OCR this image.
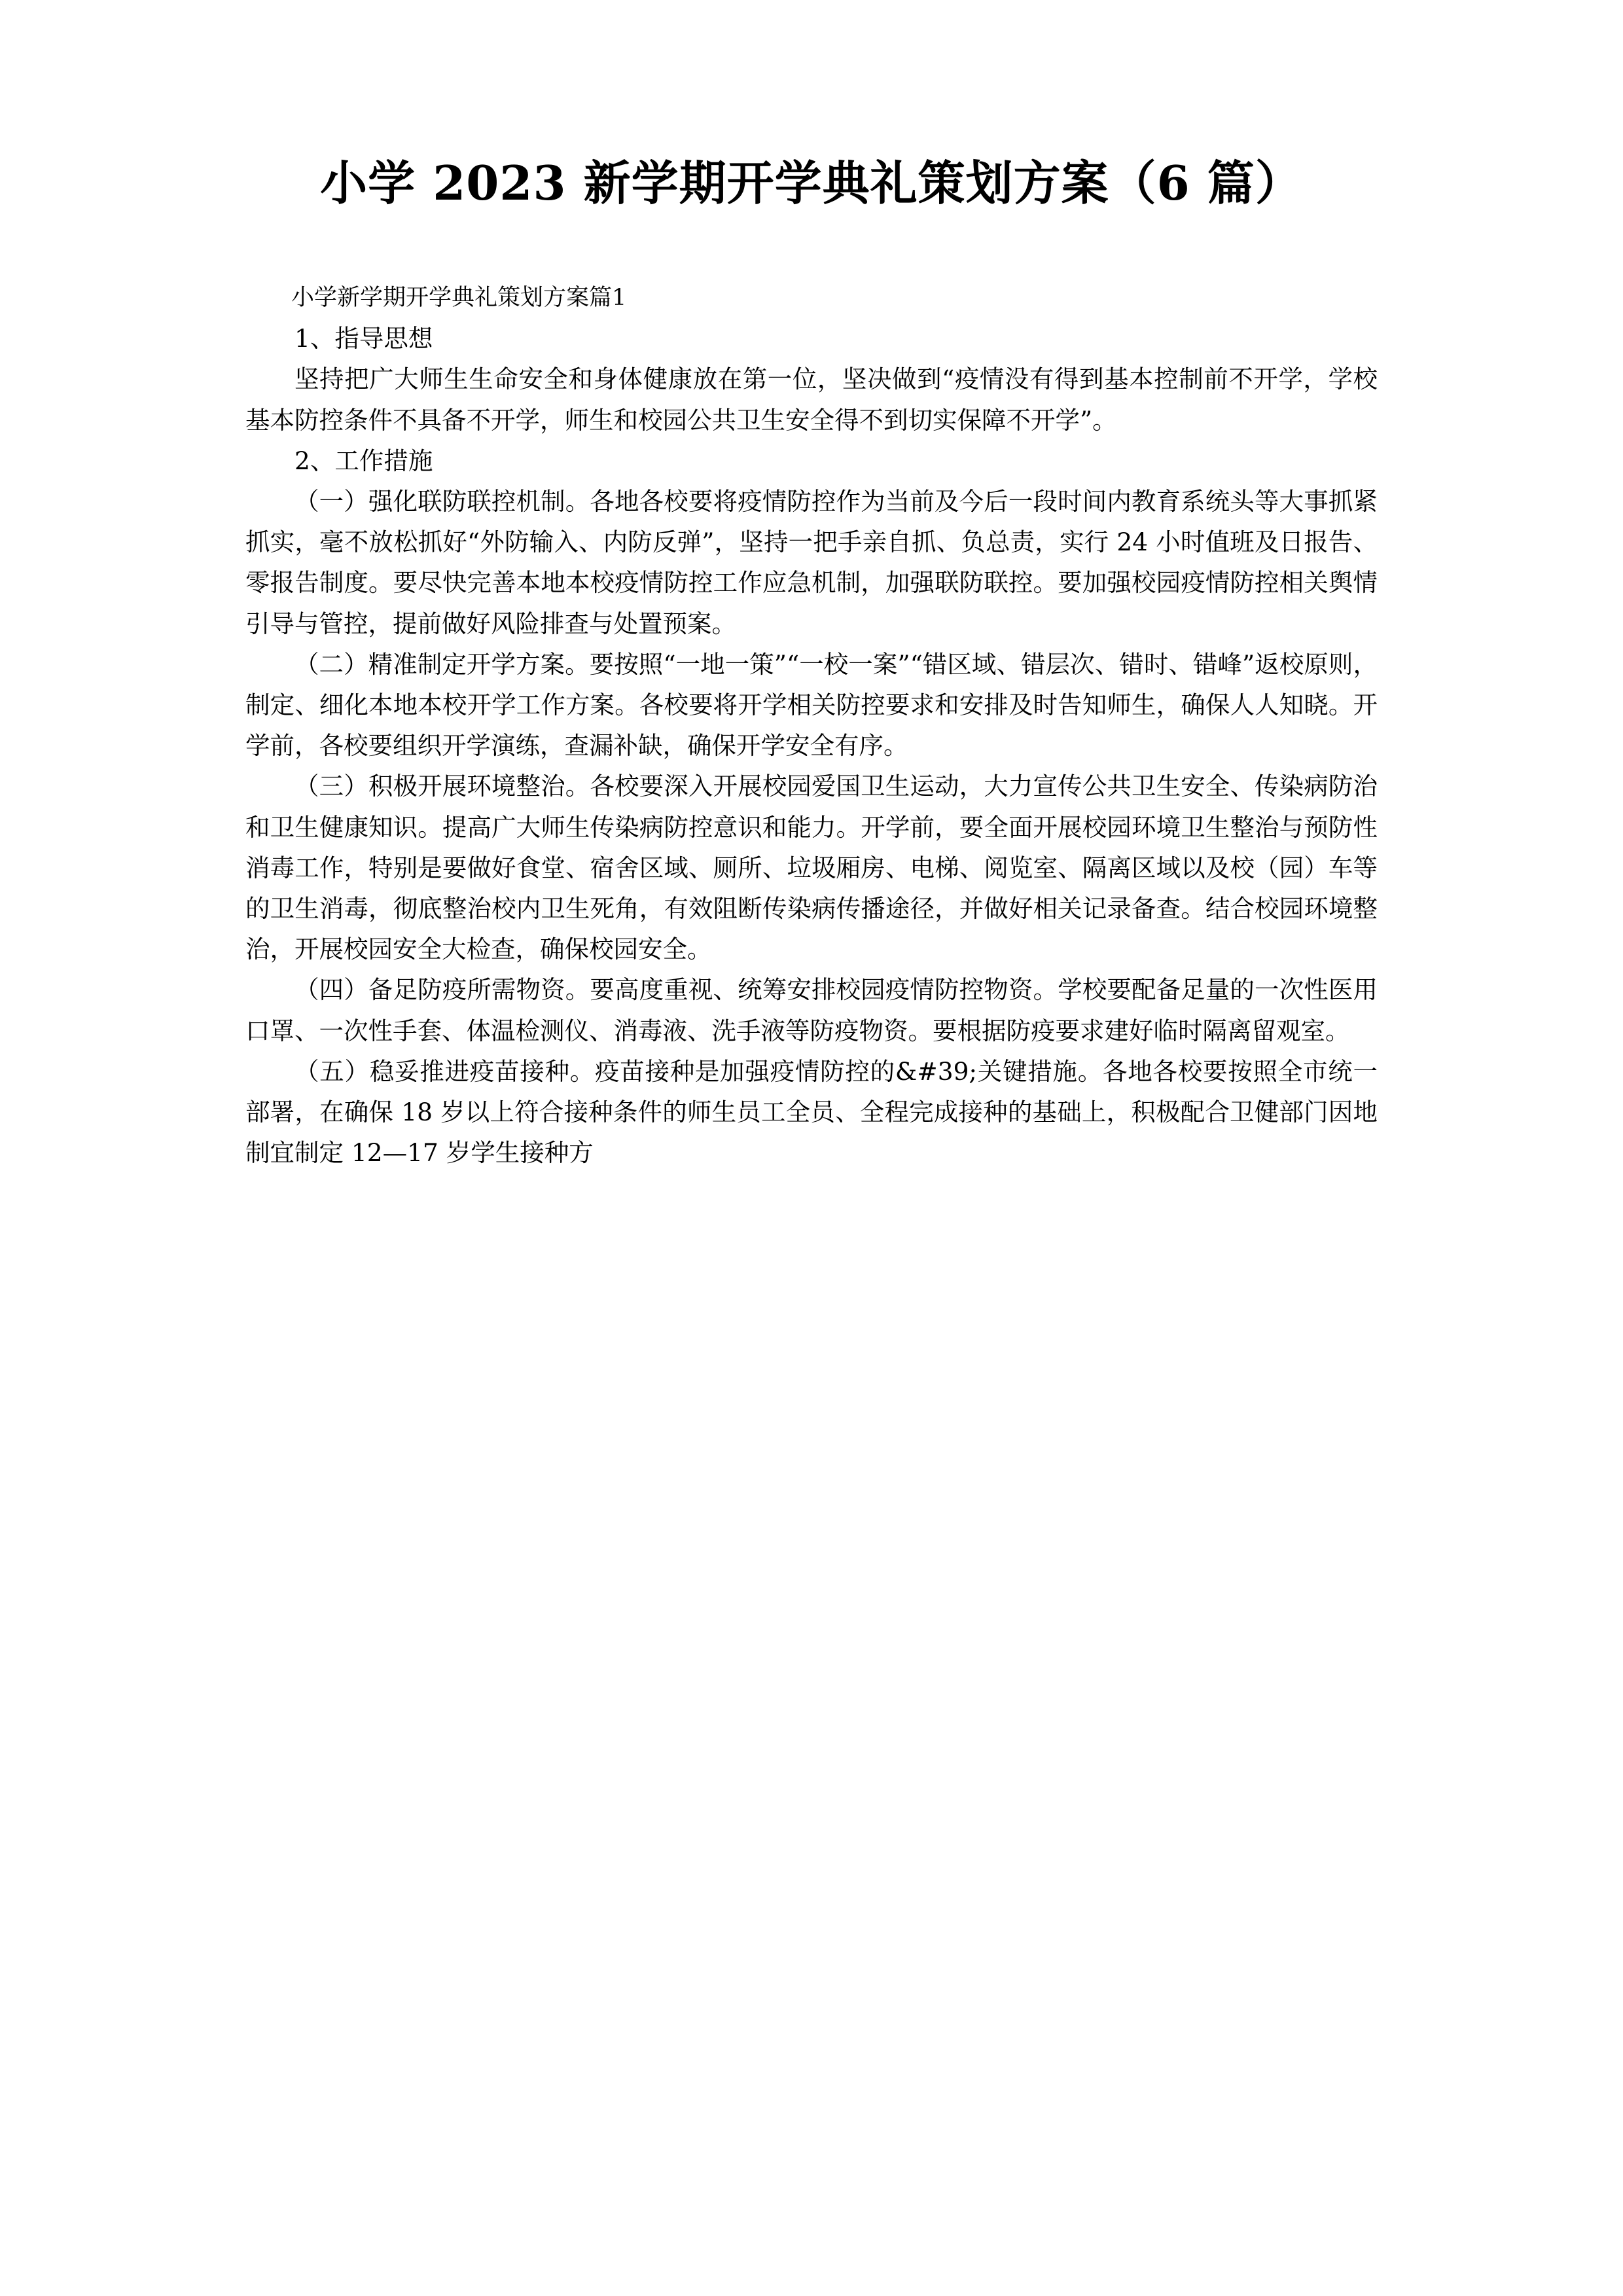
小学 2023 新学期开学典礼策划方案（6 篇）

小学新学期开学典礼策划方案篇1

1、指导思想

坚持把广大师生生命安全和身体健康放在第一位，坚决做到“疫情没有得到基本控制前不开学，学校基本防控条件不具备不开学，师生和校园公共卫生安全得不到切实保障不开学”。

2、工作措施

（一）强化联防联控机制。各地各校要将疫情防控作为当前及今后一段时间内教育系统头等大事抓紧抓实，毫不放松抓好“外防输入、内防反弹”，坚持一把手亲自抓、负总责，实行 24 小时值班及日报告、零报告制度。要尽快完善本地本校疫情防控工作应急机制，加强联防联控。要加强校园疫情防控相关舆情引导与管控，提前做好风险排查与处置预案。

（二）精准制定开学方案。要按照“一地一策”“一校一案”“错区域、错层次、错时、错峰”返校原则，制定、细化本地本校开学工作方案。各校要将开学相关防控要求和安排及时告知师生，确保人人知晓。开学前，各校要组织开学演练，查漏补缺，确保开学安全有序。

（三）积极开展环境整治。各校要深入开展校园爱国卫生运动，大力宣传公共卫生安全、传染病防治和卫生健康知识。提高广大师生传染病防控意识和能力。开学前，要全面开展校园环境卫生整治与预防性消毒工作，特别是要做好食堂、宿舍区域、厕所、垃圾厢房、电梯、阅览室、隔离区域以及校（园）车等的卫生消毒，彻底整治校内卫生死角，有效阻断传染病传播途径，并做好相关记录备查。结合校园环境整治，开展校园安全大检查，确保校园安全。

（四）备足防疫所需物资。要高度重视、统筹安排校园疫情防控物资。学校要配备足量的一次性医用口罩、一次性手套、体温检测仪、消毒液、洗手液等防疫物资。要根据防疫要求建好临时隔离留观室。

（五）稳妥推进疫苗接种。疫苗接种是加强疫情防控的&#39;关键措施。各地各校要按照全市统一部署，在确保 18 岁以上符合接种条件的师生员工全员、全程完成接种的基础上，积极配合卫健部门因地制宜制定 12—17 岁学生接种方
